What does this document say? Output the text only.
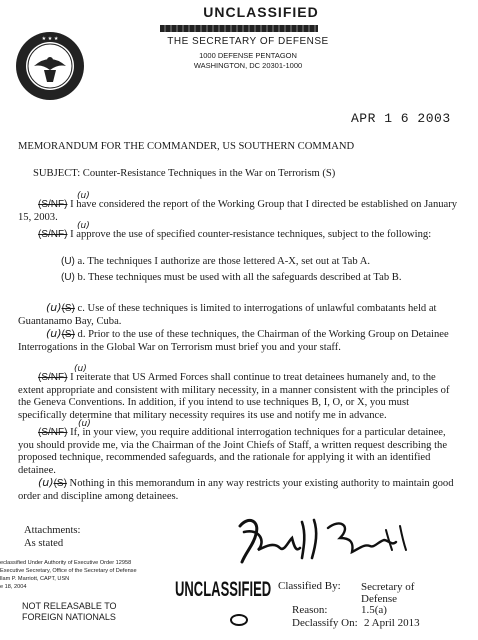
UNCLASSIFIED
★ ★ ★	THE SECRETARY OF DEFENSE
1000 DEFENSE PENTAGON
WASHINGTON, DC 20301-1000
APR 1 6 2003
MEMORANDUM FOR THE COMMANDER, US SOUTHERN COMMAND
SUBJECT: Counter-Resistance Techniques in the War on Terrorism (S)
(u)
(S/NF) I have considered the report of the Working Group that I directed be established on January 15, 2003.
(u)
(S/NF) I approve the use of specified counter-resistance techniques, subject to the following:
(U) a. The techniques I authorize are those lettered A-X, set out at Tab A.
(U) b. These techniques must be used with all the safeguards described at Tab B.
(u)(S) c. Use of these techniques is limited to interrogations of unlawful combatants held at Guantanamo Bay, Cuba.
(u)(S) d. Prior to the use of these techniques, the Chairman of the Working Group on Detainee Interrogations in the Global War on Terrorism must brief you and your staff.
(u)
(S/NF) I reiterate that US Armed Forces shall continue to treat detainees humanely and, to the extent appropriate and consistent with military necessity, in a manner consistent with the principles of the Geneva Conventions. In addition, if you intend to use techniques B, I, O, or X, you must specifically determine that military necessity requires its use and notify me in advance.
(u)
(S/NF) If, in your view, you require additional interrogation techniques for a particular detainee, you should provide me, via the Chairman of the Joint Chiefs of Staff, a written request describing the proposed technique, recommended safeguards, and the rationale for applying it with an identified detainee.
(u)(S) Nothing in this memorandum in any way restricts your existing authority to maintain good order and discipline among detainees.
Attachments:
As stated
eclassified Under Authority of Executive Order 12958
Executive Secretary, Office of the Secretary of Defense
llam P. Marriott, CAPT, USN
e 18, 2004
NOT RELEASABLE TO
FOREIGN NATIONALS
UNCLASSIFIED Classified By: Secretary of Defense
Reason:	1.5(a)
Declassify On: 2 April 2013
